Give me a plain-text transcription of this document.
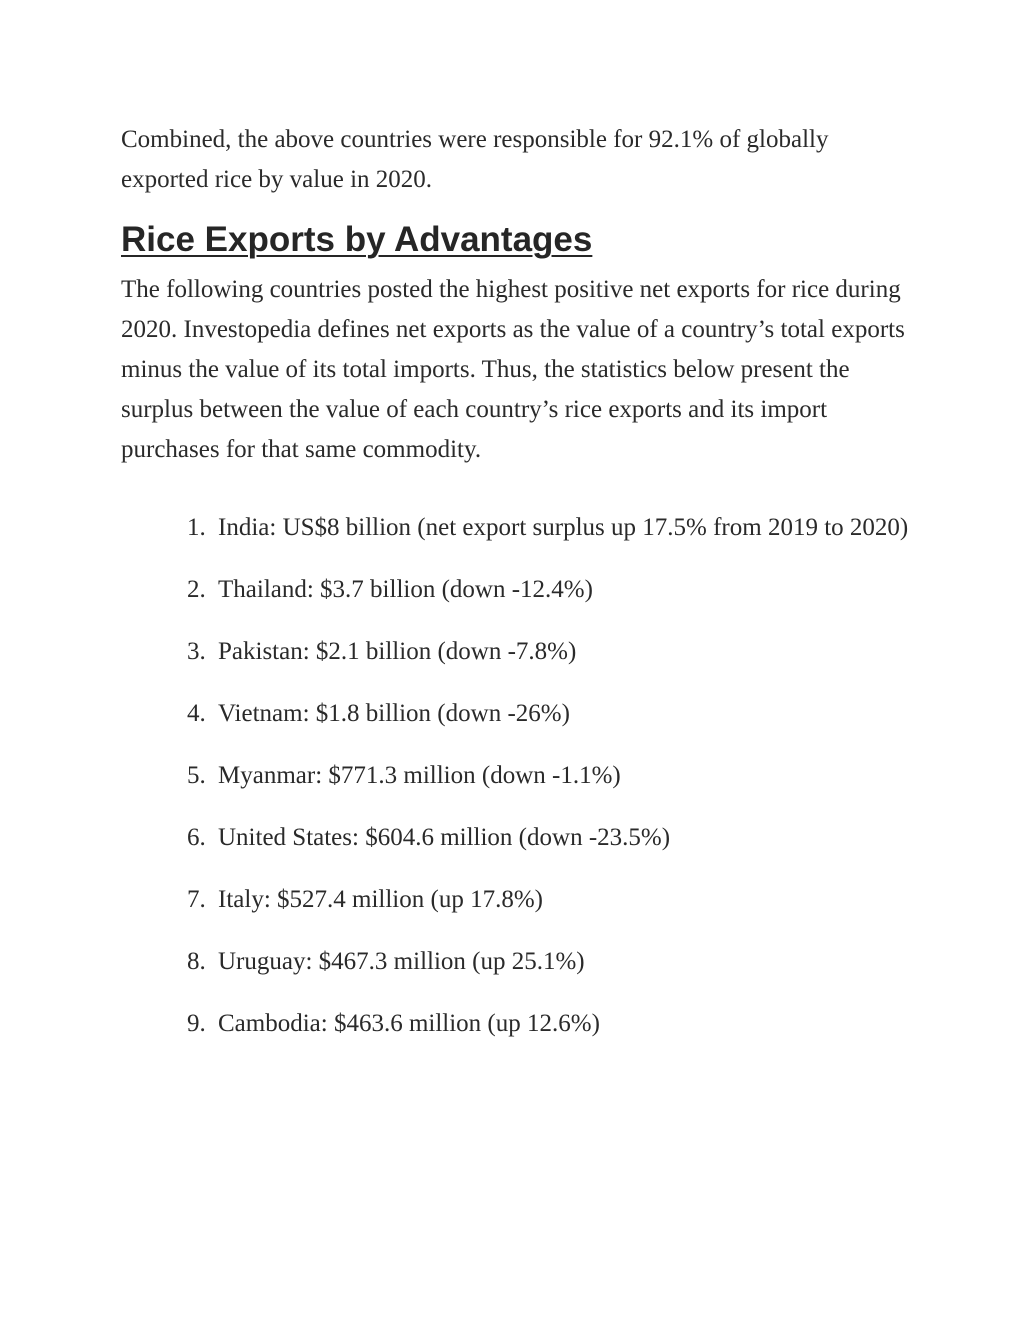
Combined, the above countries were responsible for 92.1% of globally exported rice by value in 2020.

Rice Exports by Advantages

The following countries posted the highest positive net exports for rice during 2020. Investopedia defines net exports as the value of a country’s total exports minus the value of its total imports. Thus, the statistics below present the surplus between the value of each country’s rice exports and its import purchases for that same commodity.

1. India: US$8 billion (net export surplus up 17.5% from 2019 to 2020)
2. Thailand: $3.7 billion (down -12.4%)
3. Pakistan: $2.1 billion (down -7.8%)
4. Vietnam: $1.8 billion (down -26%)
5. Myanmar: $771.3 million (down -1.1%)
6. United States: $604.6 million (down -23.5%)
7. Italy: $527.4 million (up 17.8%)
8. Uruguay: $467.3 million (up 25.1%)
9. Cambodia: $463.6 million (up 12.6%)
